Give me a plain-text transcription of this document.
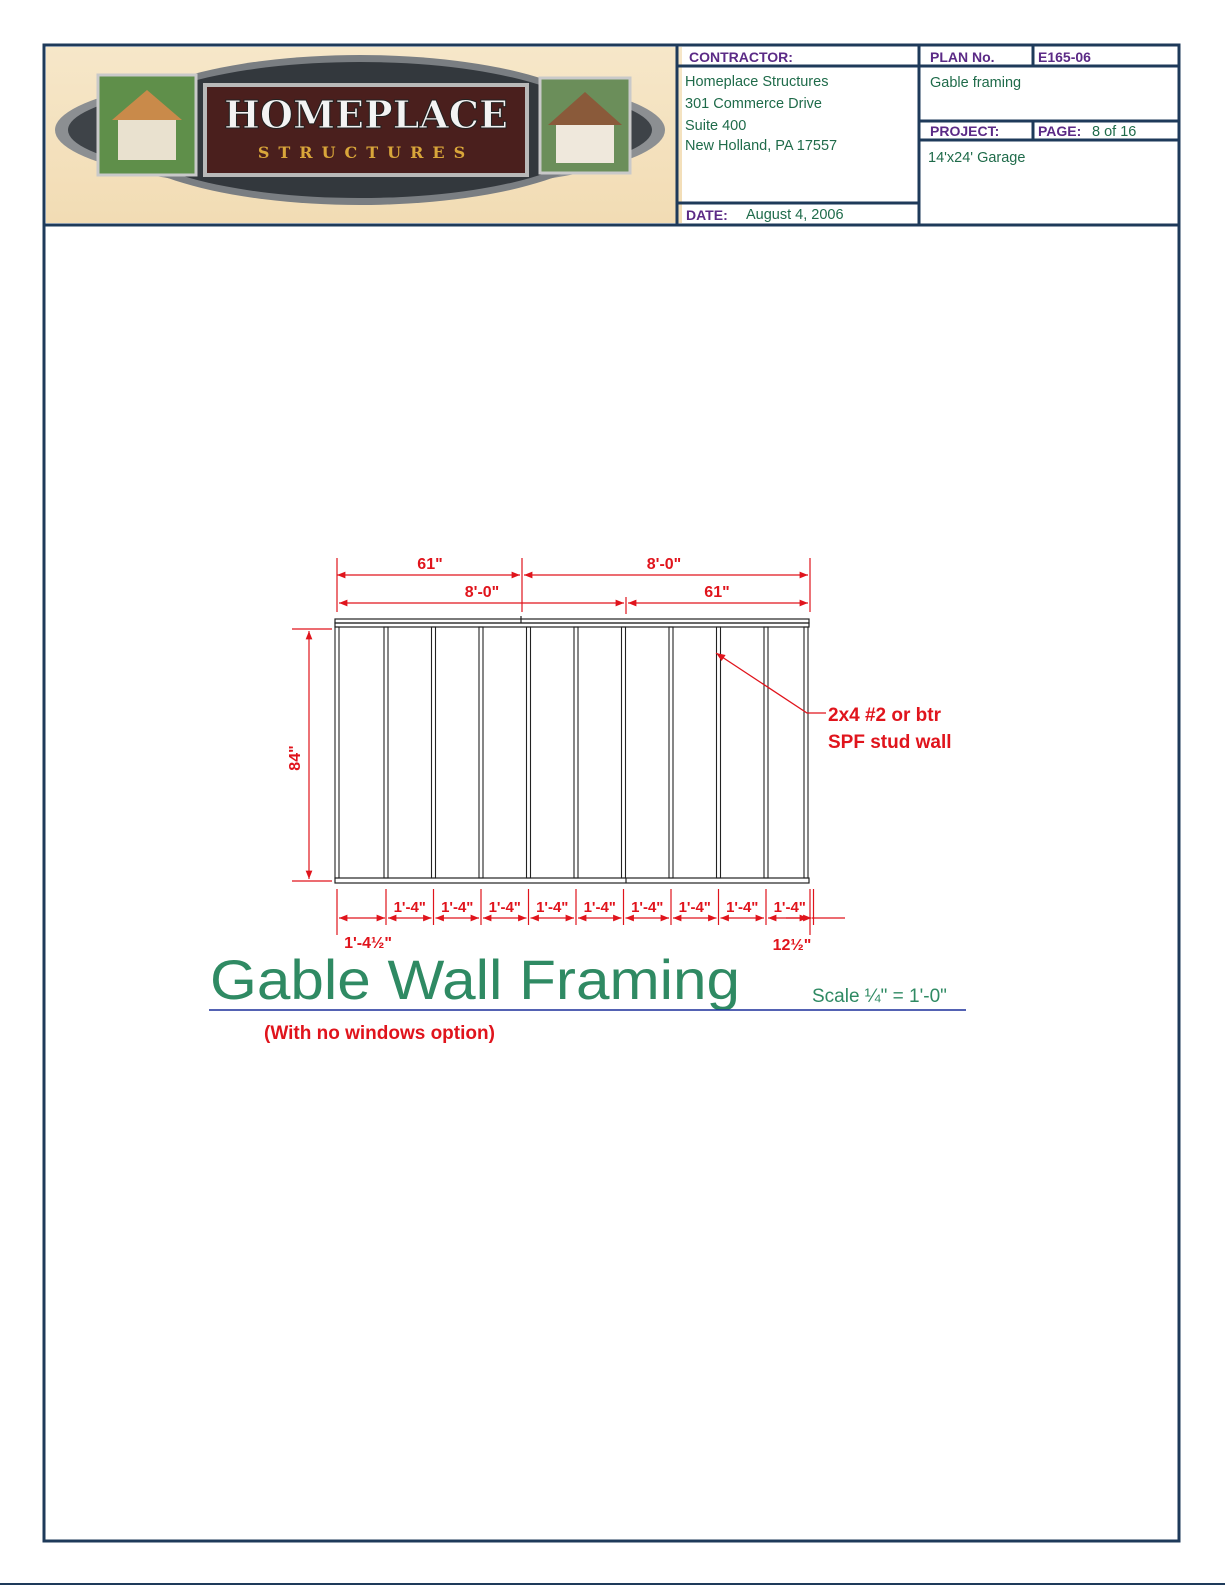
HOMEPLACE
STRUCTURES
CONTRACTOR:
Homeplace Structures
301 Commerce Drive
Suite 400
New Holland, PA 17557
DATE: August 4, 2006
PLAN No.	E165-06
Gable framing
PROJECT:	PAGE: 8 of 16
14'x24' Garage
61"	8'-0"
8'-0"	61"
84"
1'-4" 1'-4" 1'-4" 1'-4" 1'-4" 1'-4" 1'-4" 1'-4" 1'-4"
1'-4½"	12½"
2x4 #2 or btr
SPF stud wall
Gable Wall Framing	Scale ¼" = 1'-0"
(With no windows option)
